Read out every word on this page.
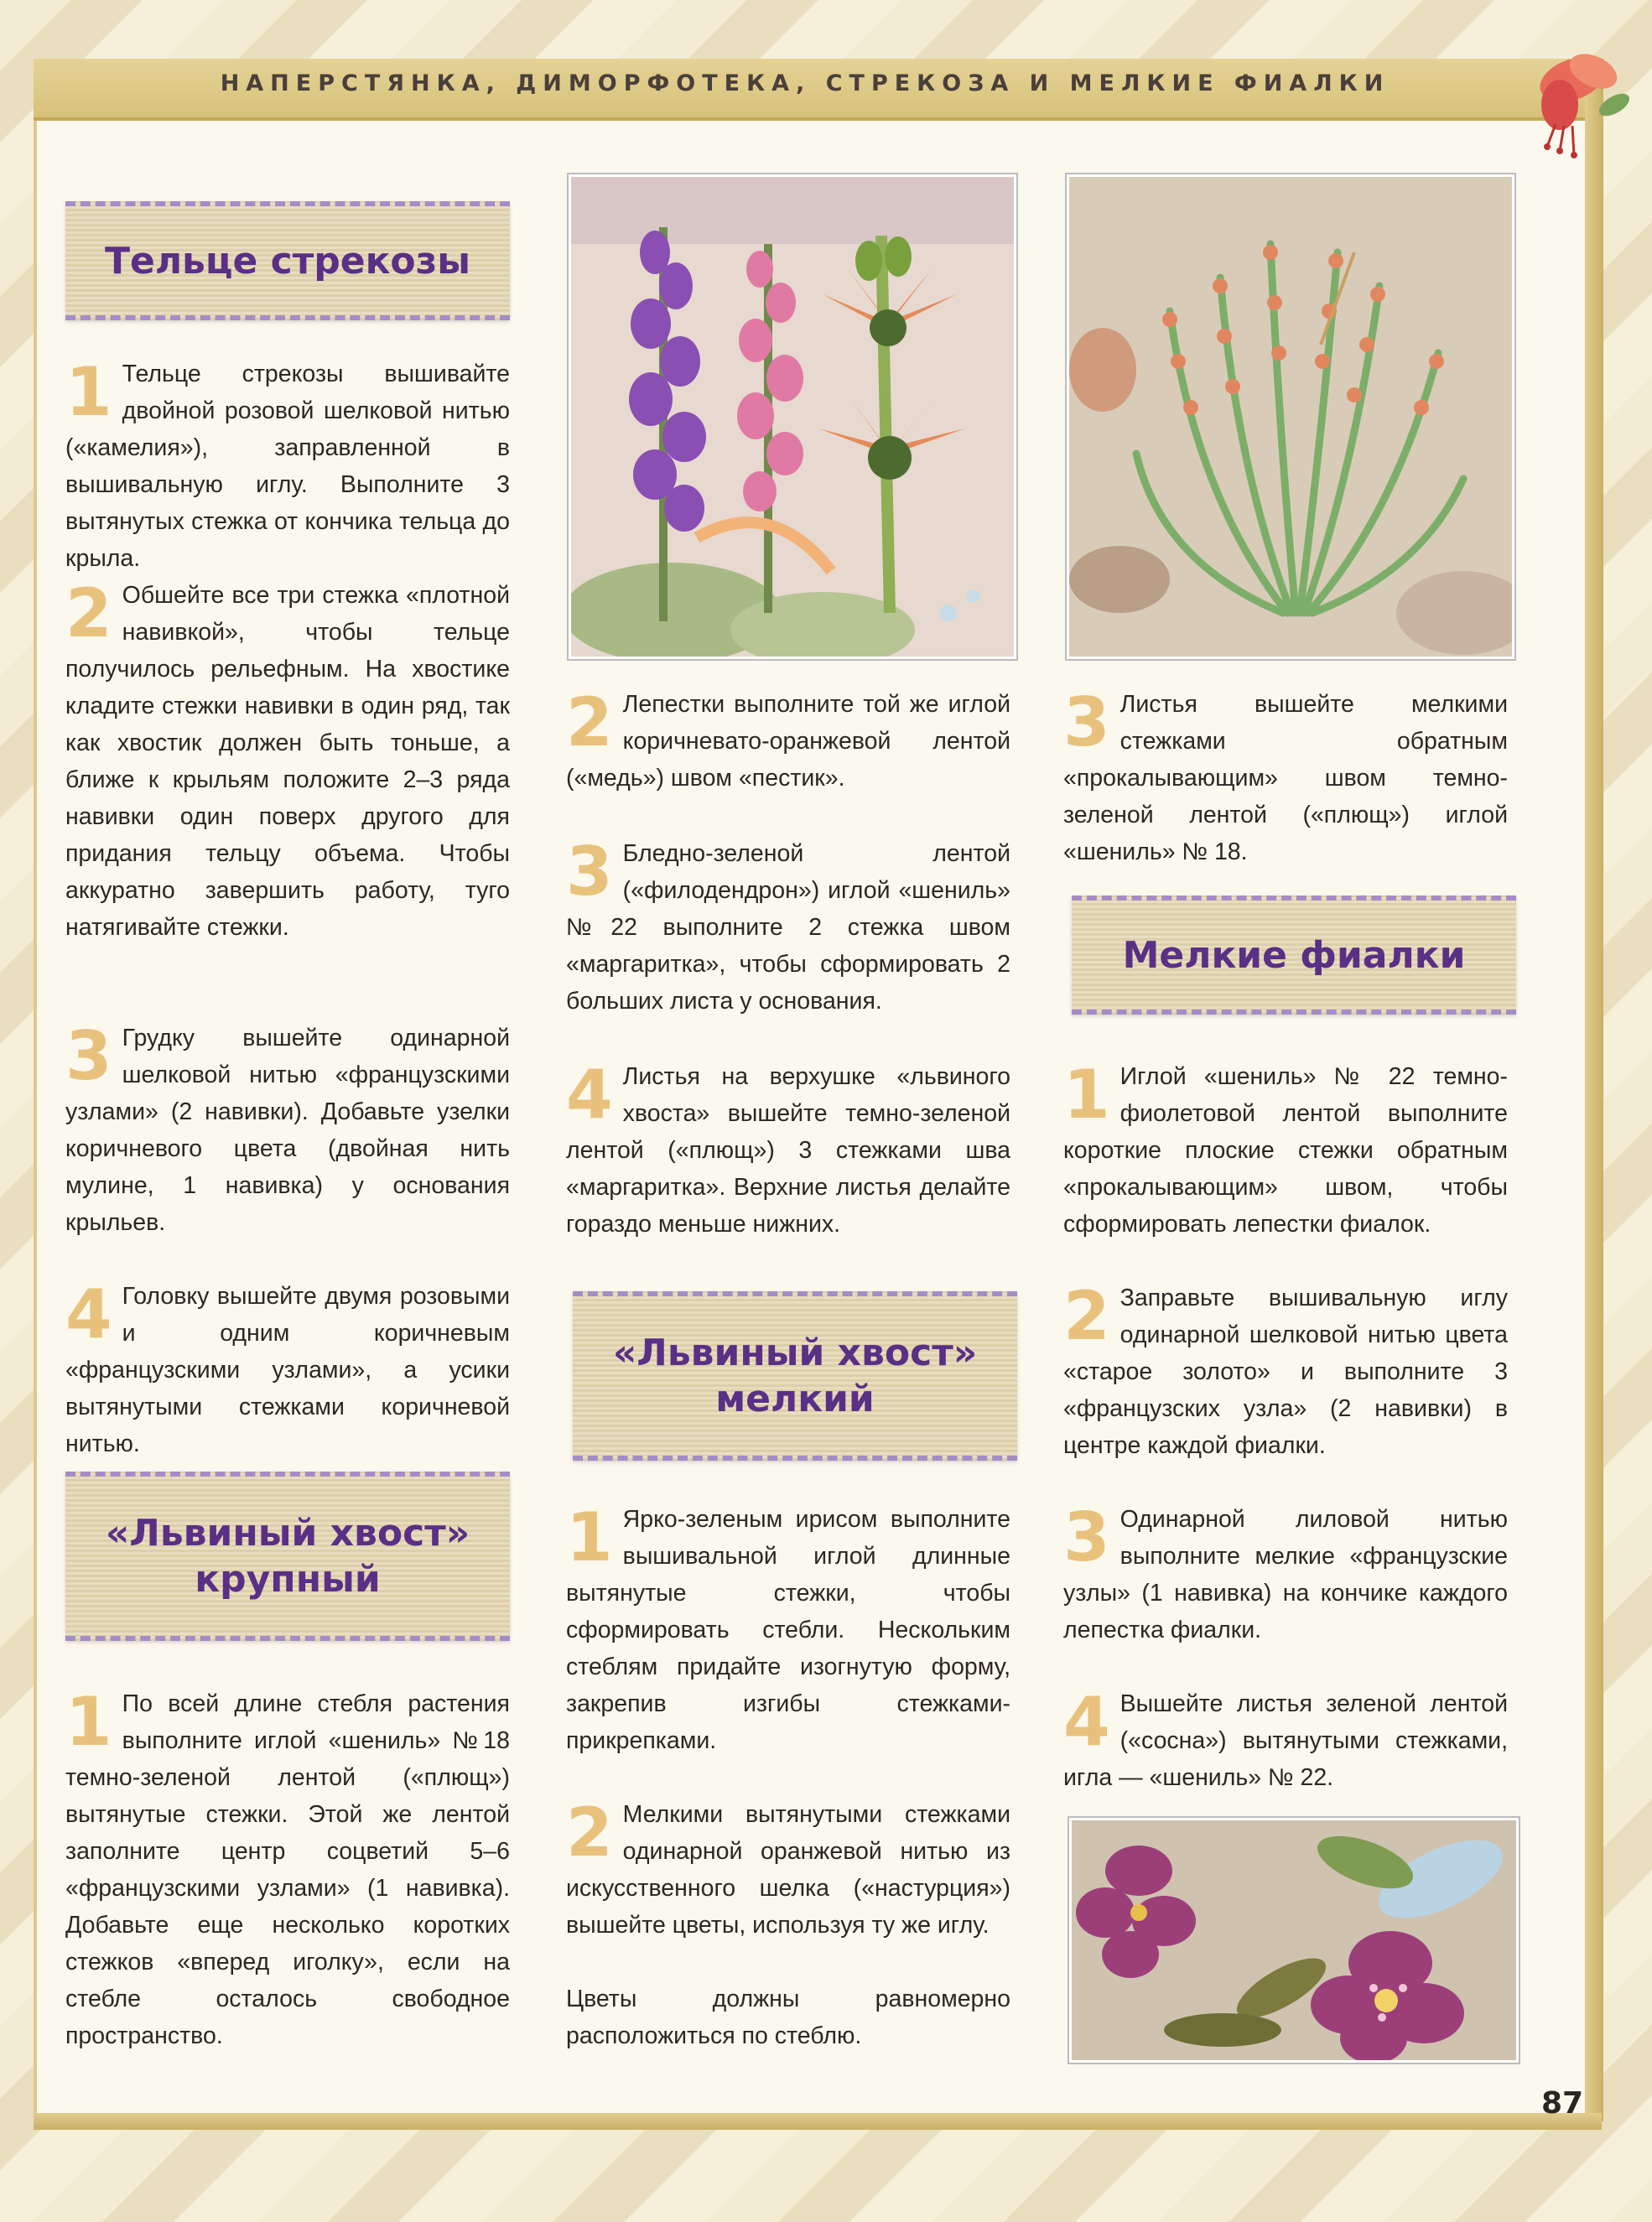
НАПЕРСТЯНКА, ДИМОРФОТЕКА, СТРЕКОЗА И МЕЛКИЕ ФИАЛКИ
Тельце стрекозы
1 Тельце стрекозы вышивайте двойной розовой шелковой нитью («камелия»), заправленной в вышивальную иглу. Выполните 3 вытянутых стежка от кончика тельца до крыла.
2 Обшейте все три стежка «плотной навивкой», чтобы тельце получилось рельефным. На хвостике кладите стежки навивки в один ряд, так как хвостик должен быть тоньше, а ближе к крыльям положите 2–3 ряда навивки один поверх другого для придания тельцу объема. Чтобы аккуратно завершить работу, туго натягивайте стежки.
3 Грудку вышейте одинарной шелковой нитью «французскими узлами» (2 навивки). Добавьте узелки коричневого цвета (двойная нить мулине, 1 навивка) у основания крыльев.
4 Головку вышейте двумя розовыми и одним коричневым «французскими узлами», а усики вытянутыми стежками коричневой нитью.
«Львиный хвост»
крупный
1 По всей длине стебля растения выполните иглой «шениль» №18 темно-зеленой лентой («плющ») вытянутые стежки. Этой же лентой заполните центр соцветий 5–6 «французскими узлами» (1 навивка). Добавьте еще несколько коротких стежков «вперед иголку», если на стебле осталось свободное пространство.
2 Лепестки выполните той же иглой коричневато-оранжевой лентой («медь») швом «пестик».
3 Бледно-зеленой лентой («филодендрон») иглой «шениль» №22 выполните 2 стежка швом «маргаритка», чтобы сформировать 2 больших листа у основания.
4 Листья на верхушке «львиного хвоста» вышейте темно-зеленой лентой («плющ») 3 стежками шва «маргаритка». Верхние листья делайте гораздо меньше нижних.
«Львиный хвост»
мелкий
1 Ярко-зеленым ирисом выполните вышивальной иглой длинные вытянутые стежки, чтобы сформировать стебли. Нескольким стеблям придайте изогнутую форму, закрепив изгибы стежками-прикрепками.
2 Мелкими вытянутыми стежками одинарной оранжевой нитью из искусственного шелка («настурция») вышейте цветы, используя ту же иглу.
Цветы должны равномерно расположиться по стеблю.
3 Листья вышейте мелкими стежками обратным «прокалывающим» швом темно-зеленой лентой («плющ») иглой «шениль» № 18.
Мелкие фиалки
1 Иглой «шениль» № 22 темно-фиолетовой лентой выполните короткие плоские стежки обратным «прокалывающим» швом, чтобы сформировать лепестки фиалок.
2 Заправьте вышивальную иглу одинарной шелковой нитью цвета «старое золото» и выполните 3 «французских узла» (2 навивки) в центре каждой фиалки.
3 Одинарной лиловой нитью выполните мелкие «французские узлы» (1 навивка) на кончике каждого лепестка фиалки.
4 Вышейте листья зеленой лентой («сосна») вытянутыми стежками, игла — «шениль» № 22.
87
